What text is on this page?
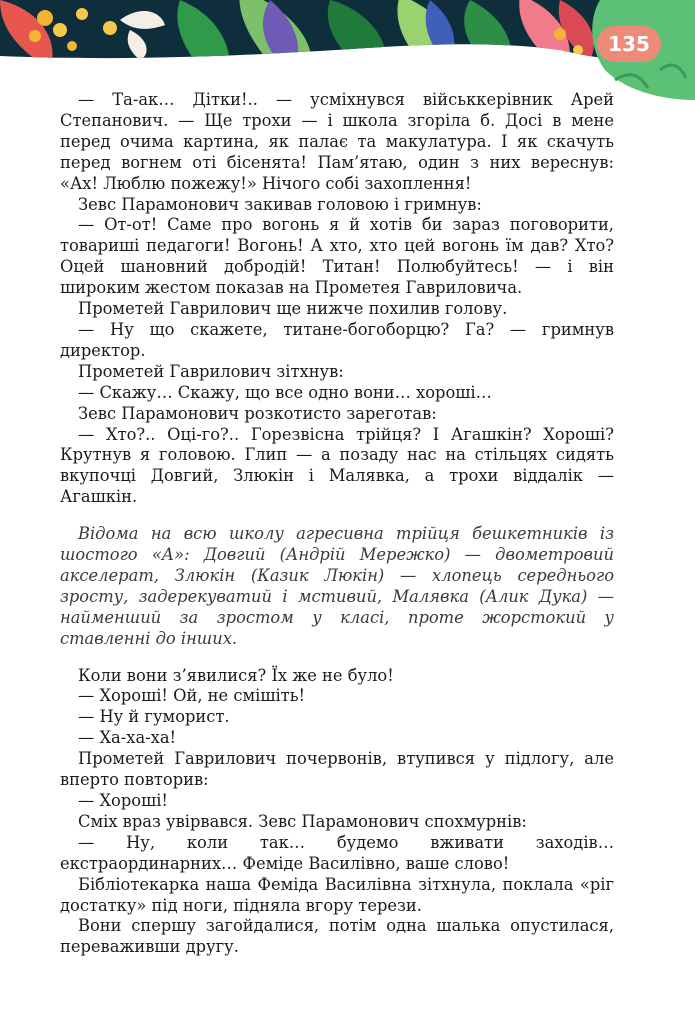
135

— Та-ак… Дітки!.. — усміхнувся військкерівник Арей Степанович. — Ще трохи — і школа згоріла б. Досі в мене перед очима картина, як палає та макулатура. І як скачуть перед вогнем оті бісенята! Пам’ятаю, один з них вереснув: «Ах! Люблю пожежу!» Нічого собі захоплення!

Зевс Парамонович закивав головою і гримнув:

— От-от! Саме про вогонь я й хотів би зараз поговорити, товариші педагоги! Вогонь! А хто, хто цей вогонь їм дав? Хто? Оцей шановний добродій! Титан! Полюбуйтесь! — і він широким жестом показав на Прометея Гавриловича.

Прометей Гаврилович ще нижче похилив голову.

— Ну що скажете, титане-богоборцю? Га? — гримнув директор.

Прометей Гаврилович зітхнув:

— Скажу… Скажу, що все одно вони… хороші…

Зевс Парамонович розкотисто зареготав:

— Хто?.. Оці-го?.. Горезвісна трійця? І Агашкін? Хороші? Крутнув я головою. Глип — а позаду нас на стільцях сидять вкупочці Довгий, Злюкін і Малявка, а трохи віддалік — Агашкін.

Відома на всю школу агресивна трійця бешкетників із шостого «А»: Довгий (Андрій Мережко) — двометровий акселерат, Злюкін (Казик Люкін) — хлопець середнього зросту, задерекуватий і мстивий, Малявка (Алик Дука) — найменший за зростом у класі, проте жорстокий у ставленні до інших.

Коли вони з’явилися? Їх же не було!

— Хороші! Ой, не смішіть!

— Ну й гуморист.

— Ха-ха-ха!

Прометей Гаврилович почервонів, втупився у підлогу, але вперто повторив:

— Хороші!

Сміх враз увірвався. Зевс Парамонович спохмурнів:

— Ну, коли так… будемо вживати заходів… екстраординарних… Феміде Василівно, ваше слово!

Бібліотекарка наша Феміда Василівна зітхнула, поклала «ріг достатку» під ноги, підняла вгору терези.

Вони спершу загойдалися, потім одна шалька опустилася, переваживши другу.
